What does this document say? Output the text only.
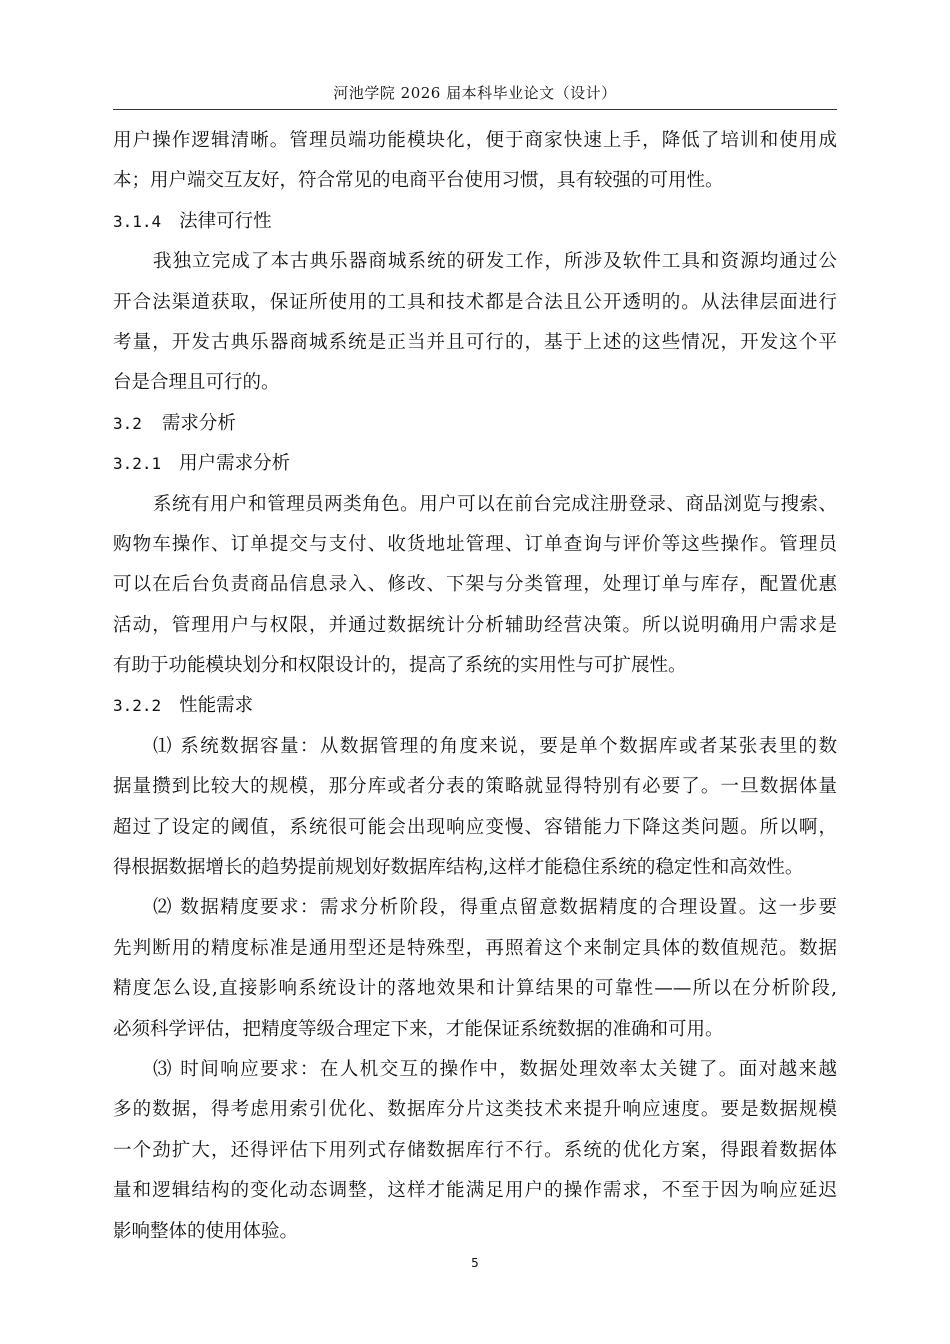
河池学院 2026 届本科毕业论文（设计）
用户操作逻辑清晰。管理员端功能模块化，便于商家快速上手，降低了培训和使用成
本；用户端交互友好，符合常见的电商平台使用习惯，具有较强的可用性。
3.1.4 法律可行性
我独立完成了本古典乐器商城系统的研发工作，所涉及软件工具和资源均通过公
开合法渠道获取，保证所使用的工具和技术都是合法且公开透明的。从法律层面进行
考量，开发古典乐器商城系统是正当并且可行的，基于上述的这些情况，开发这个平
台是合理且可行的。
3.2 需求分析
3.2.1 用户需求分析
系统有用户和管理员两类角色。用户可以在前台完成注册登录、商品浏览与搜索、
购物车操作、订单提交与支付、收货地址管理、订单查询与评价等这些操作。管理员
可以在后台负责商品信息录入、修改、下架与分类管理，处理订单与库存，配置优惠
活动，管理用户与权限，并通过数据统计分析辅助经营决策。所以说明确用户需求是
有助于功能模块划分和权限设计的，提高了系统的实用性与可扩展性。
3.2.2 性能需求
⑴ 系统数据容量：从数据管理的角度来说，要是单个数据库或者某张表里的数
据量攒到比较大的规模，那分库或者分表的策略就显得特别有必要了。一旦数据体量
超过了设定的阈值，系统很可能会出现响应变慢、容错能力下降这类问题。所以啊，
得根据数据增长的趋势提前规划好数据库结构,这样才能稳住系统的稳定性和高效性。
⑵ 数据精度要求：需求分析阶段，得重点留意数据精度的合理设置。这一步要
先判断用的精度标准是通用型还是特殊型，再照着这个来制定具体的数值规范。数据
精度怎么设,直接影响系统设计的落地效果和计算结果的可靠性——所以在分析阶段,
必须科学评估，把精度等级合理定下来，才能保证系统数据的准确和可用。
⑶ 时间响应要求：在人机交互的操作中，数据处理效率太关键了。面对越来越
多的数据，得考虑用索引优化、数据库分片这类技术来提升响应速度。要是数据规模
一个劲扩大，还得评估下用列式存储数据库行不行。系统的优化方案，得跟着数据体
量和逻辑结构的变化动态调整，这样才能满足用户的操作需求，不至于因为响应延迟
影响整体的使用体验。
5
